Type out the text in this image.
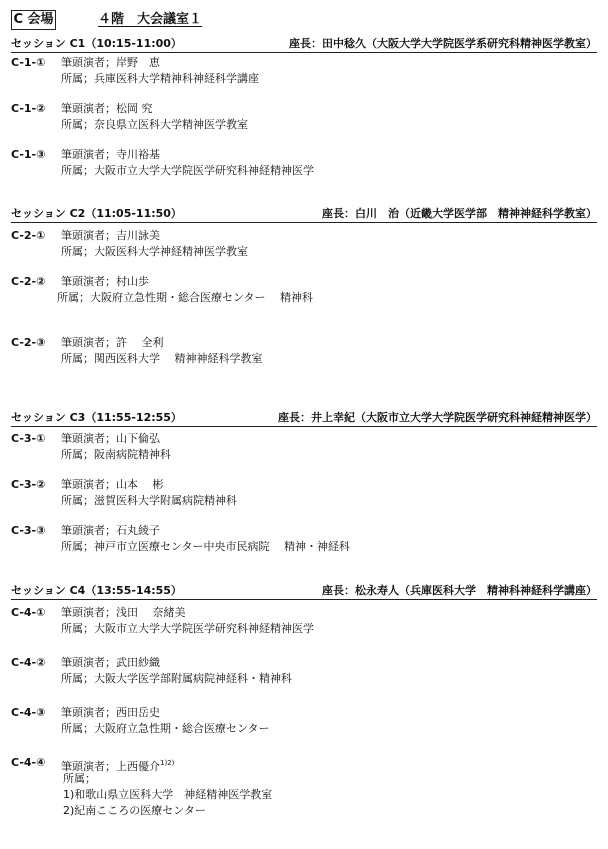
C 会場	４階　大会議室１
セッション C1（10:15-11:00）	座長：田中稔久（大阪大学大学院医学系研究科精神医学教室）
C-1-① 筆頭演者；岸野　恵
所属；兵庫医科大学精神科神経科学講座
C-1-② 筆頭演者；松岡 究
所属；奈良県立医科大学精神医学教室
C-1-③ 筆頭演者；寺川裕基
所属；大阪市立大学大学院医学研究科神経精神医学
セッション C2（11:05-11:50）	座長：白川　治（近畿大学医学部　精神神経科学教室）
C-2-① 筆頭演者；吉川詠美
所属；大阪医科大学神経精神医学教室
C-2-② 筆頭演者；村山歩
所属；大阪府立急性期・総合医療センター　 精神科
C-2-③ 筆頭演者；許　 全利
所属；関西医科大学　 精神神経科学教室
セッション C3（11:55-12:55）	座長：井上幸紀（大阪市立大学大学院医学研究科神経精神医学）
C-3-① 筆頭演者；山下倫弘
所属；阪南病院精神科
C-3-② 筆頭演者；山本　 彬
所属；滋賀医科大学附属病院精神科
C-3-③ 筆頭演者；石丸綾子
所属；神戸市立医療センター中央市民病院　 精神・神経科
セッション C4（13:55-14:55）	座長：松永寿人（兵庫医科大学　精神科神経科学講座）
C-4-① 筆頭演者；浅田　 奈緒美
所属；大阪市立大学大学院医学研究科神経精神医学
C-4-② 筆頭演者；武田紗織
所属；大阪大学医学部附属病院神経科・精神科
C-4-③ 筆頭演者；西田岳史
所属；大阪府立急性期・総合医療センター
C-4-④ 筆頭演者；上西優介$^{1)2)}$
所属；
1)和歌山県立医科大学　神経精神医学教室
2)紀南こころの医療センター
